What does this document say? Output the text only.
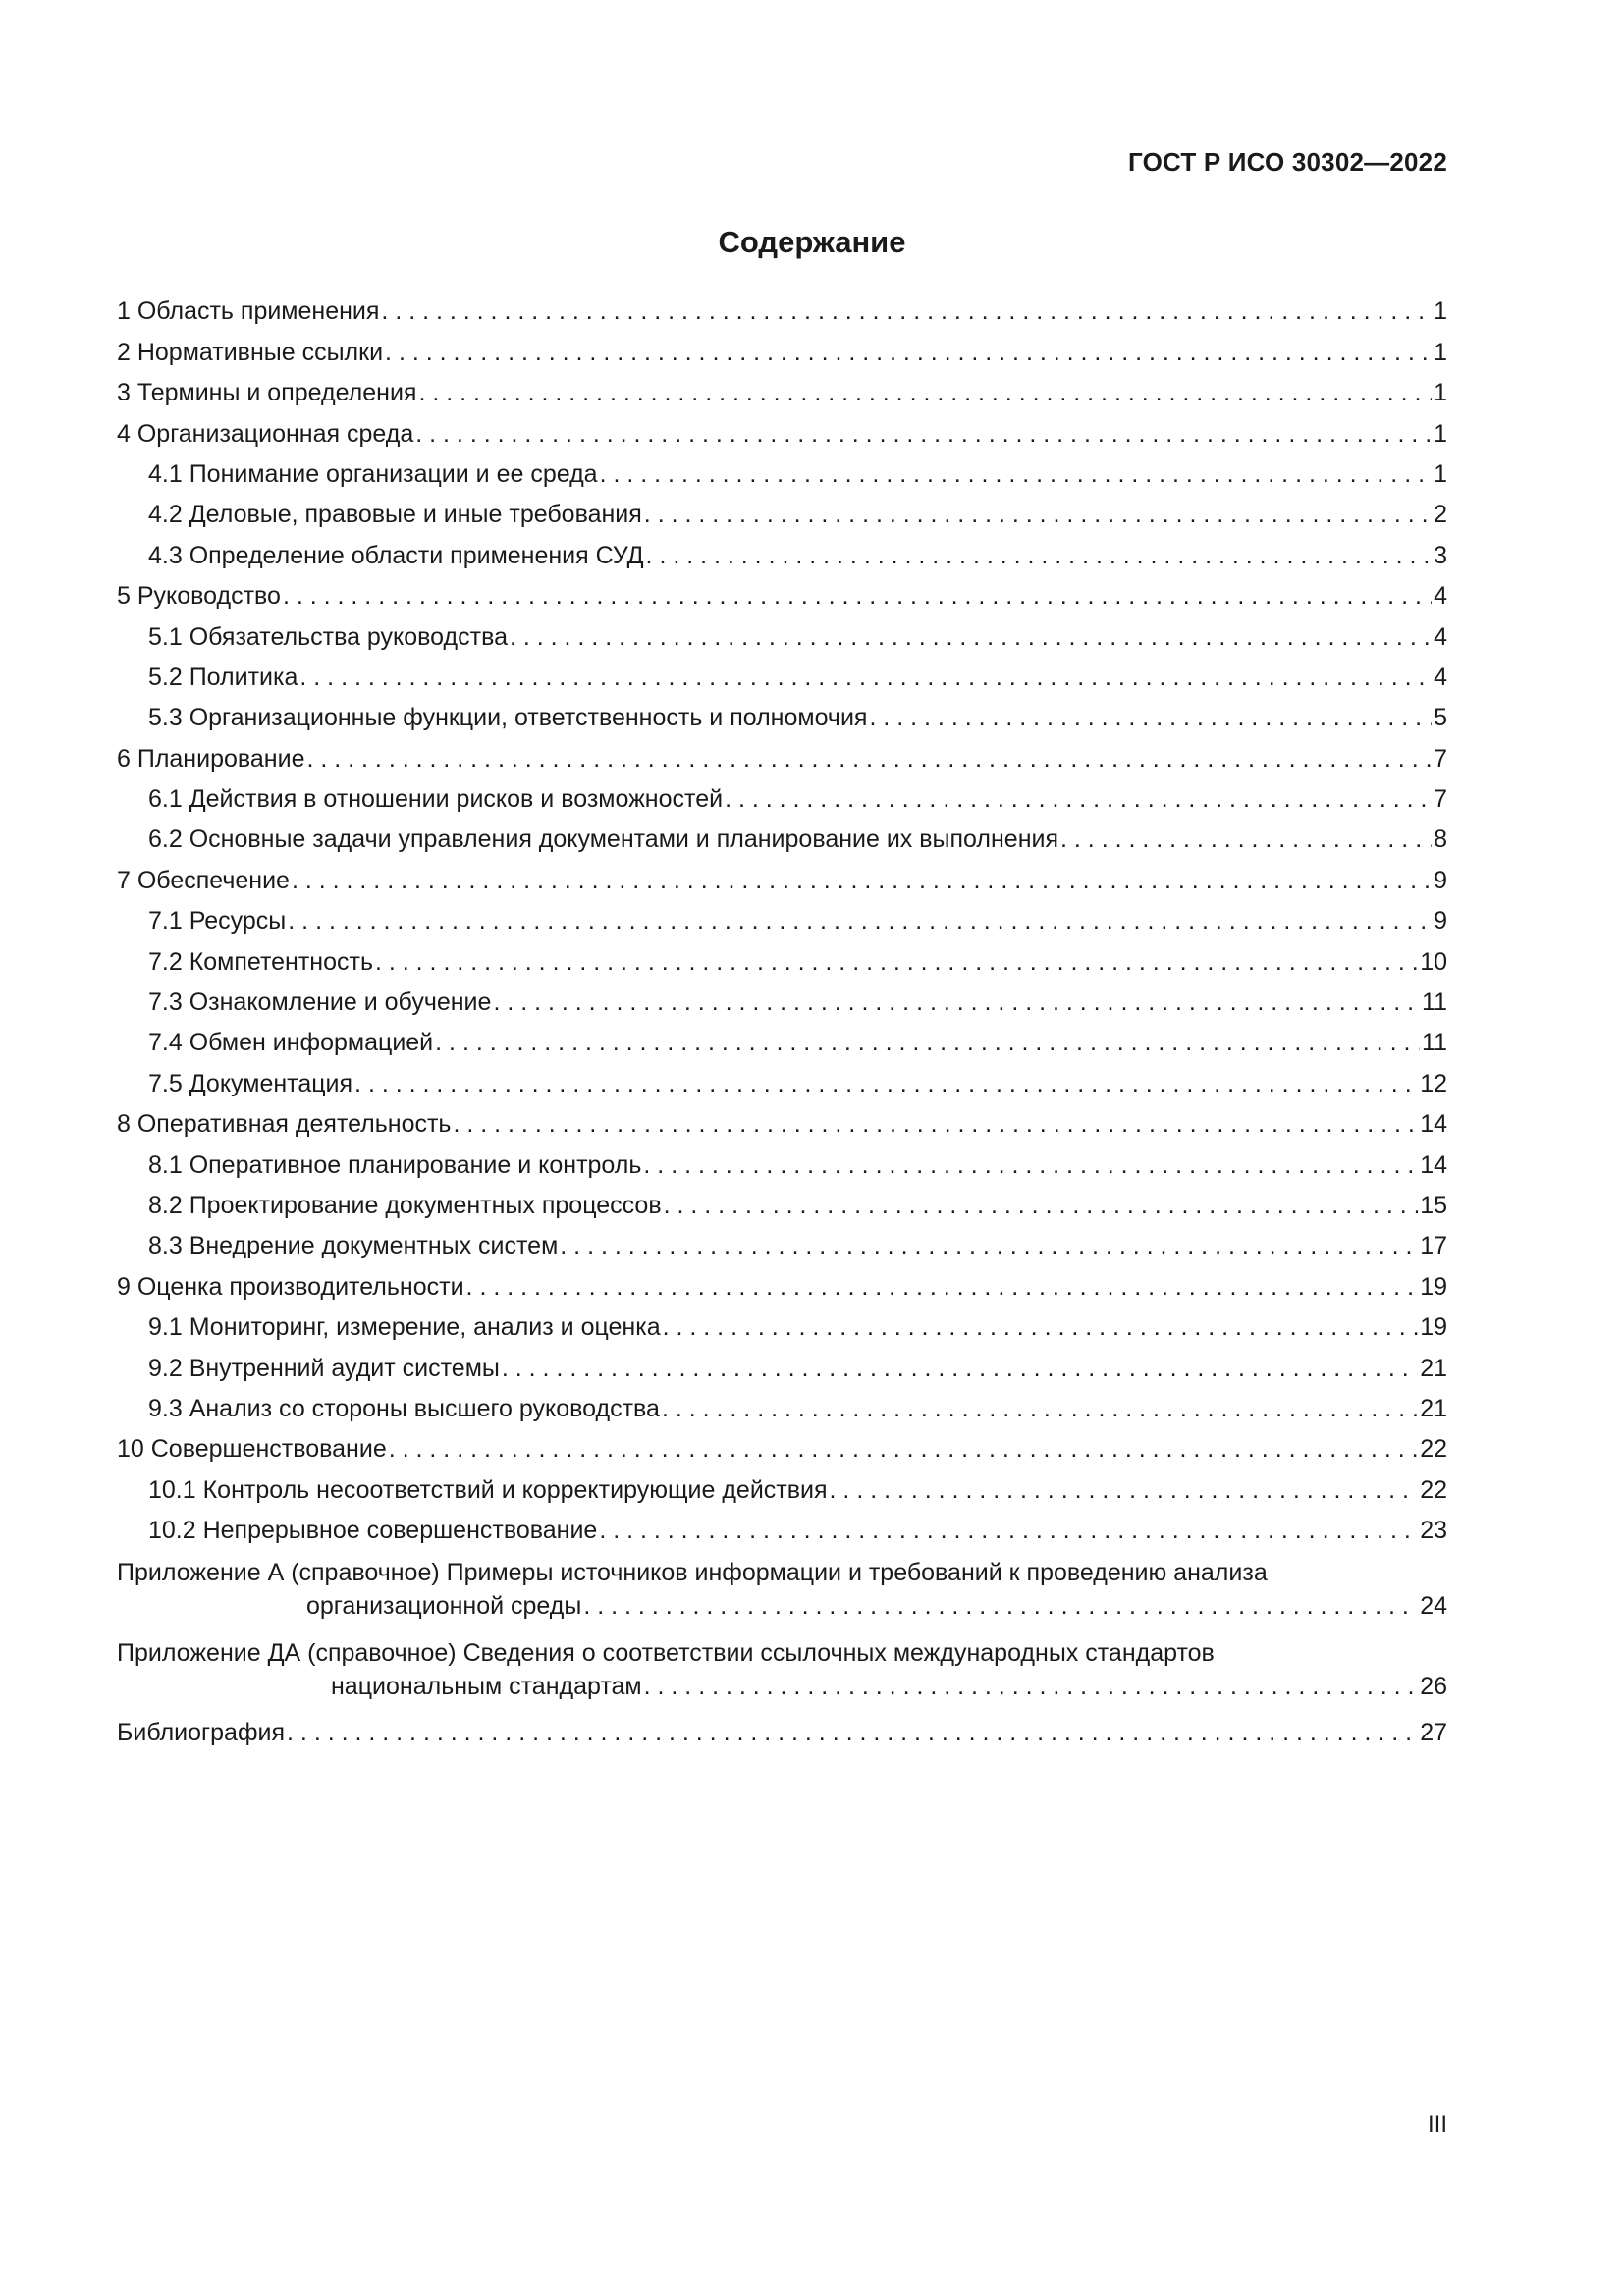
ГОСТ Р ИСО 30302—2022
Содержание
1 Область применения . . .	1
2 Нормативные ссылки . . .	1
3 Термины и определения . . .	1
4 Организационная среда . . .	1
4.1 Понимание организации и ее среда . . .	1
4.2 Деловые, правовые и иные требования . . .	2
4.3 Определение области применения СУД . . .	3
5 Руководство . . .	4
5.1 Обязательства руководства . . .	4
5.2 Политика . . .	4
5.3 Организационные функции, ответственность и полномочия . . .	5
6 Планирование . . .	7
6.1 Действия в отношении рисков и возможностей . . .	7
6.2 Основные задачи управления документами и планирование их выполнения . . .	8
7 Обеспечение . . .	9
7.1 Ресурсы . . .	9
7.2 Компетентность . . .	10
7.3 Ознакомление и обучение . . .	11
7.4 Обмен информацией . . .	11
7.5 Документация . . .	12
8 Оперативная деятельность . . .	14
8.1 Оперативное планирование и контроль . . .	14
8.2 Проектирование документных процессов . . .	15
8.3 Внедрение документных систем . . .	17
9 Оценка производительности . . .	19
9.1 Мониторинг, измерение, анализ и оценка . . .	19
9.2 Внутренний аудит системы . . .	21
9.3 Анализ со стороны высшего руководства . . .	21
10 Совершенствование . . .	22
10.1 Контроль несоответствий и корректирующие действия . . .	22
10.2 Непрерывное совершенствование . . .	23
Приложение А (справочное) Примеры источников информации и требований к проведению анализа
организационной среды . . .	24
Приложение ДА (справочное) Сведения о соответствии ссылочных международных стандартов
национальным стандартам . . .	26
Библиография . . .	27
III
